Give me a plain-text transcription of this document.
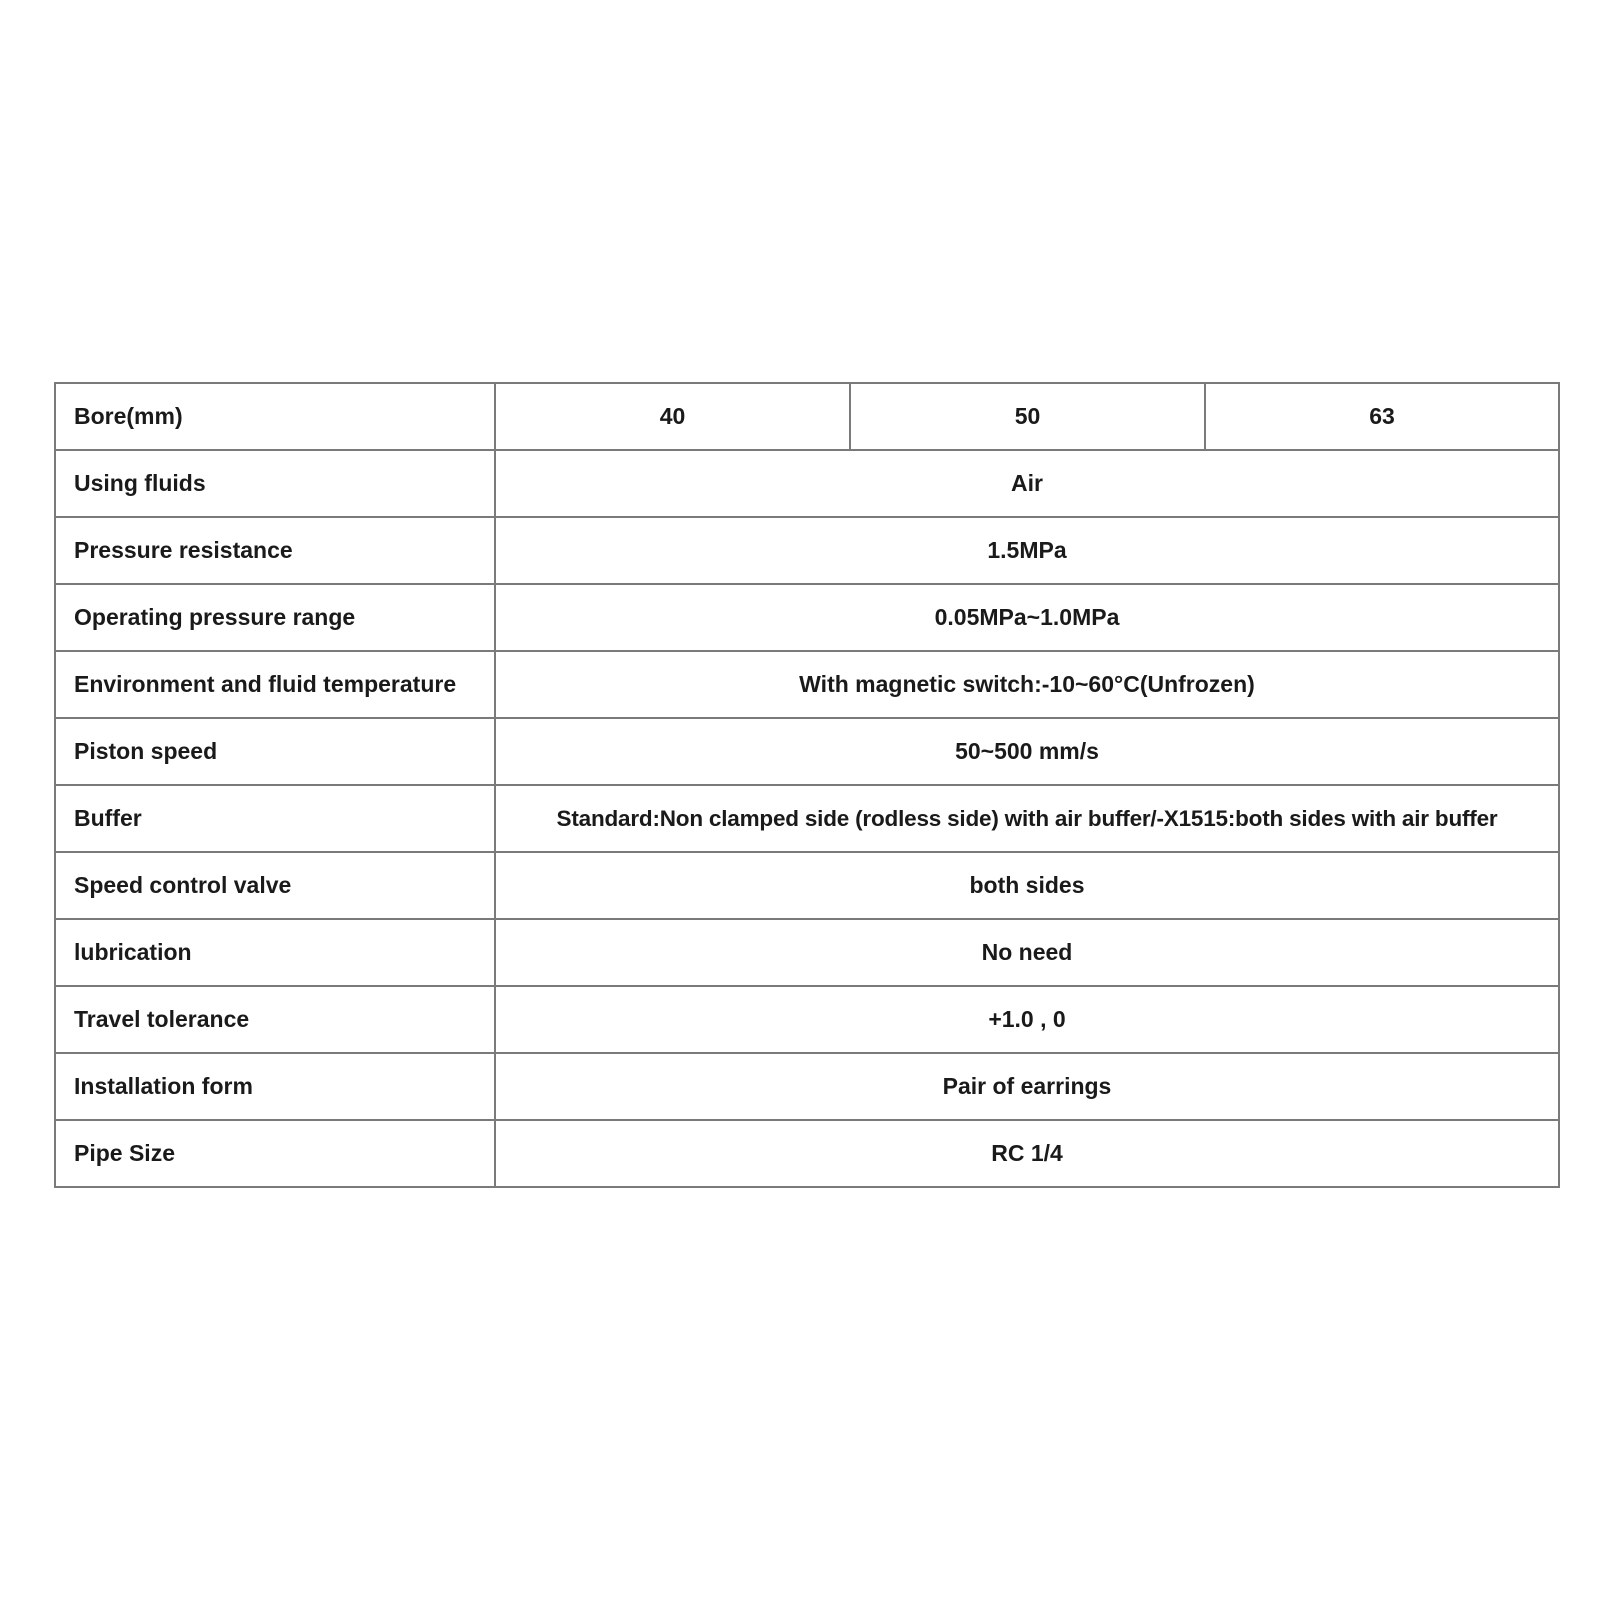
Bore(mm)	40	50	63
Using fluids	Air		
Pressure resistance	1.5MPa		
Operating pressure range	0.05MPa~1.0MPa		
Environment and fluid temperature	With magnetic switch:-10~60°C(Unfrozen)		
Piston speed	50~500 mm/s		
Buffer	Standard:Non clamped side (rodless side) with air buffer/-X1515:both sides with air buffer		
Speed control valve	both sides		
lubrication	No need		
Travel tolerance	+1.0 , 0		
Installation form	Pair of earrings		
Pipe Size	RC 1/4		
